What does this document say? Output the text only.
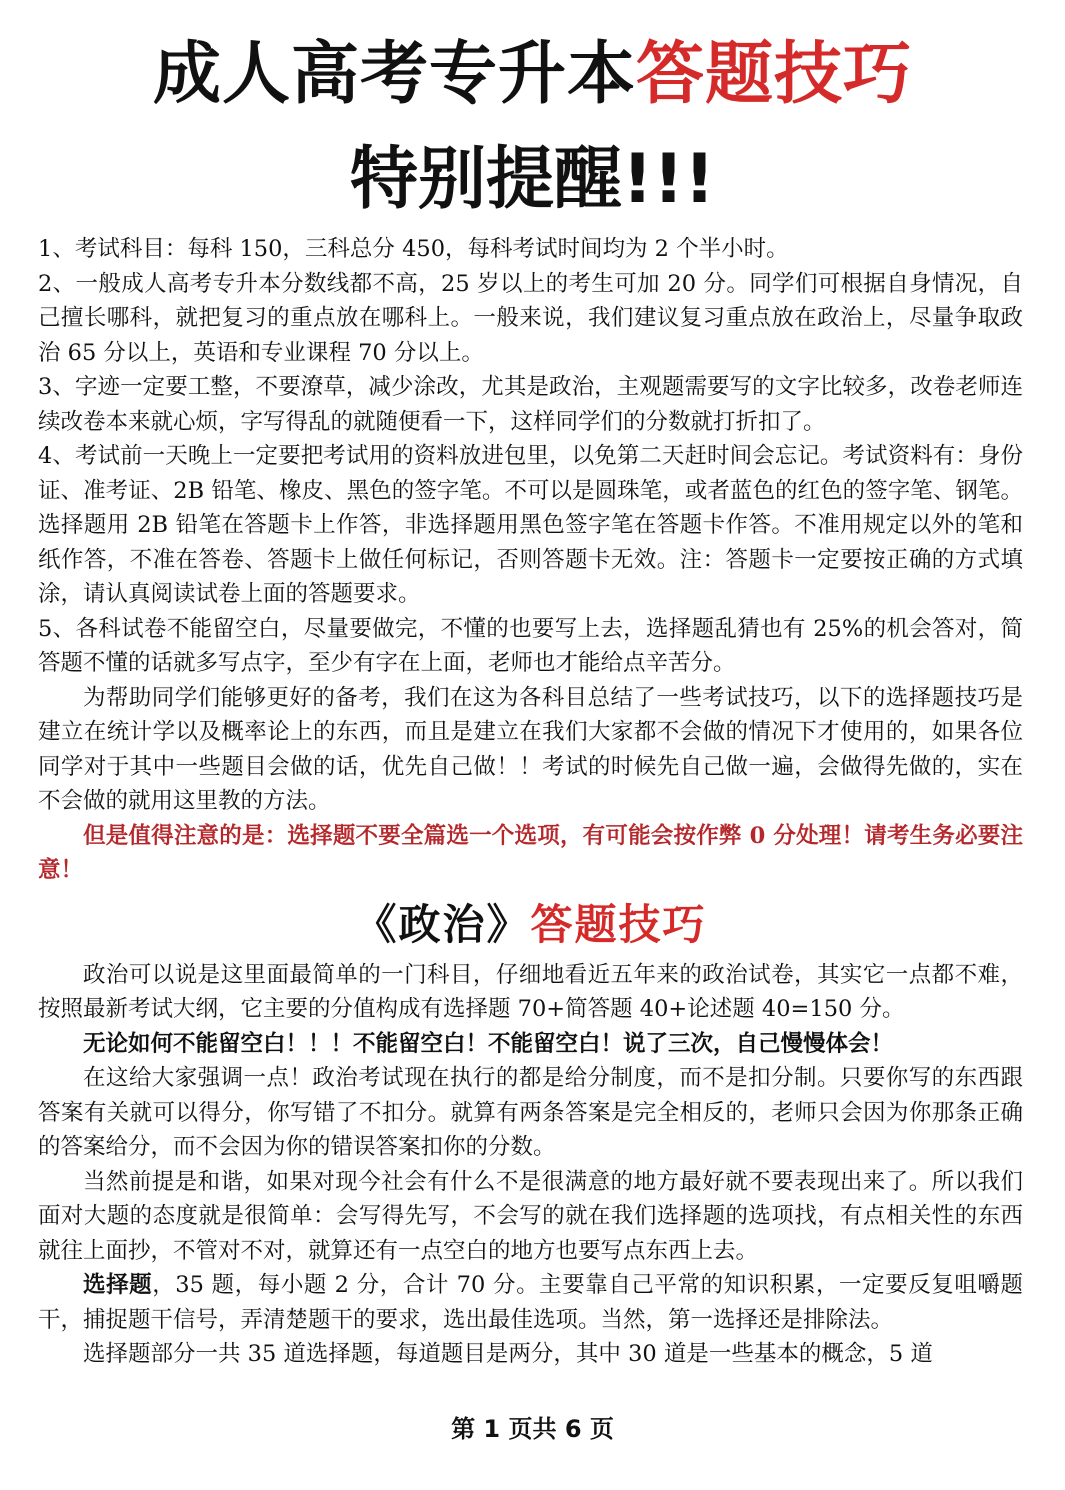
成人高考专升本答题技巧
特别提醒!!!

1、考试科目：每科 150，三科总分 450，每科考试时间均为 2 个半小时。

2、一般成人高考专升本分数线都不高，25 岁以上的考生可加 20 分。同学们可根据自身情况，自己擅长哪科，就把复习的重点放在哪科上。一般来说，我们建议复习重点放在政治上，尽量争取政治 65 分以上，英语和专业课程 70 分以上。

3、字迹一定要工整，不要潦草，减少涂改，尤其是政治，主观题需要写的文字比较多，改卷老师连续改卷本来就心烦，字写得乱的就随便看一下，这样同学们的分数就打折扣了。

4、考试前一天晚上一定要把考试用的资料放进包里，以免第二天赶时间会忘记。考试资料有：身份证、准考证、2B 铅笔、橡皮、黑色的签字笔。不可以是圆珠笔，或者蓝色的红色的签字笔、钢笔。选择题用 2B 铅笔在答题卡上作答，非选择题用黑色签字笔在答题卡作答。不准用规定以外的笔和纸作答，不准在答卷、答题卡上做任何标记，否则答题卡无效。注：答题卡一定要按正确的方式填涂，请认真阅读试卷上面的答题要求。

5、各科试卷不能留空白，尽量要做完，不懂的也要写上去，选择题乱猜也有 25%的机会答对，简答题不懂的话就多写点字，至少有字在上面，老师也才能给点辛苦分。

为帮助同学们能够更好的备考，我们在这为各科目总结了一些考试技巧，以下的选择题技巧是建立在统计学以及概率论上的东西，而且是建立在我们大家都不会做的情况下才使用的，如果各位同学对于其中一些题目会做的话，优先自己做！！考试的时候先自己做一遍，会做得先做的，实在不会做的就用这里教的方法。

但是值得注意的是：选择题不要全篇选一个选项，有可能会按作弊 0 分处理！请考生务必要注意！

《政治》答题技巧

政治可以说是这里面最简单的一门科目，仔细地看近五年来的政治试卷，其实它一点都不难，按照最新考试大纲，它主要的分值构成有选择题 70+简答题 40+论述题 40=150 分。

无论如何不能留空白！！！不能留空白！不能留空白！说了三次，自己慢慢体会！

在这给大家强调一点！政治考试现在执行的都是给分制度，而不是扣分制。只要你写的东西跟答案有关就可以得分，你写错了不扣分。就算有两条答案是完全相反的，老师只会因为你那条正确的答案给分，而不会因为你的错误答案扣你的分数。

当然前提是和谐，如果对现今社会有什么不是很满意的地方最好就不要表现出来了。所以我们面对大题的态度就是很简单：会写得先写，不会写的就在我们选择题的选项找，有点相关性的东西就往上面抄，不管对不对，就算还有一点空白的地方也要写点东西上去。

选择题，35 题，每小题 2 分，合计 70 分。主要靠自己平常的知识积累，一定要反复咀嚼题干，捕捉题干信号，弄清楚题干的要求，选出最佳选项。当然，第一选择还是排除法。

选择题部分一共 35 道选择题，每道题目是两分，其中 30 道是一些基本的概念，5 道

第 1 页共 6 页
